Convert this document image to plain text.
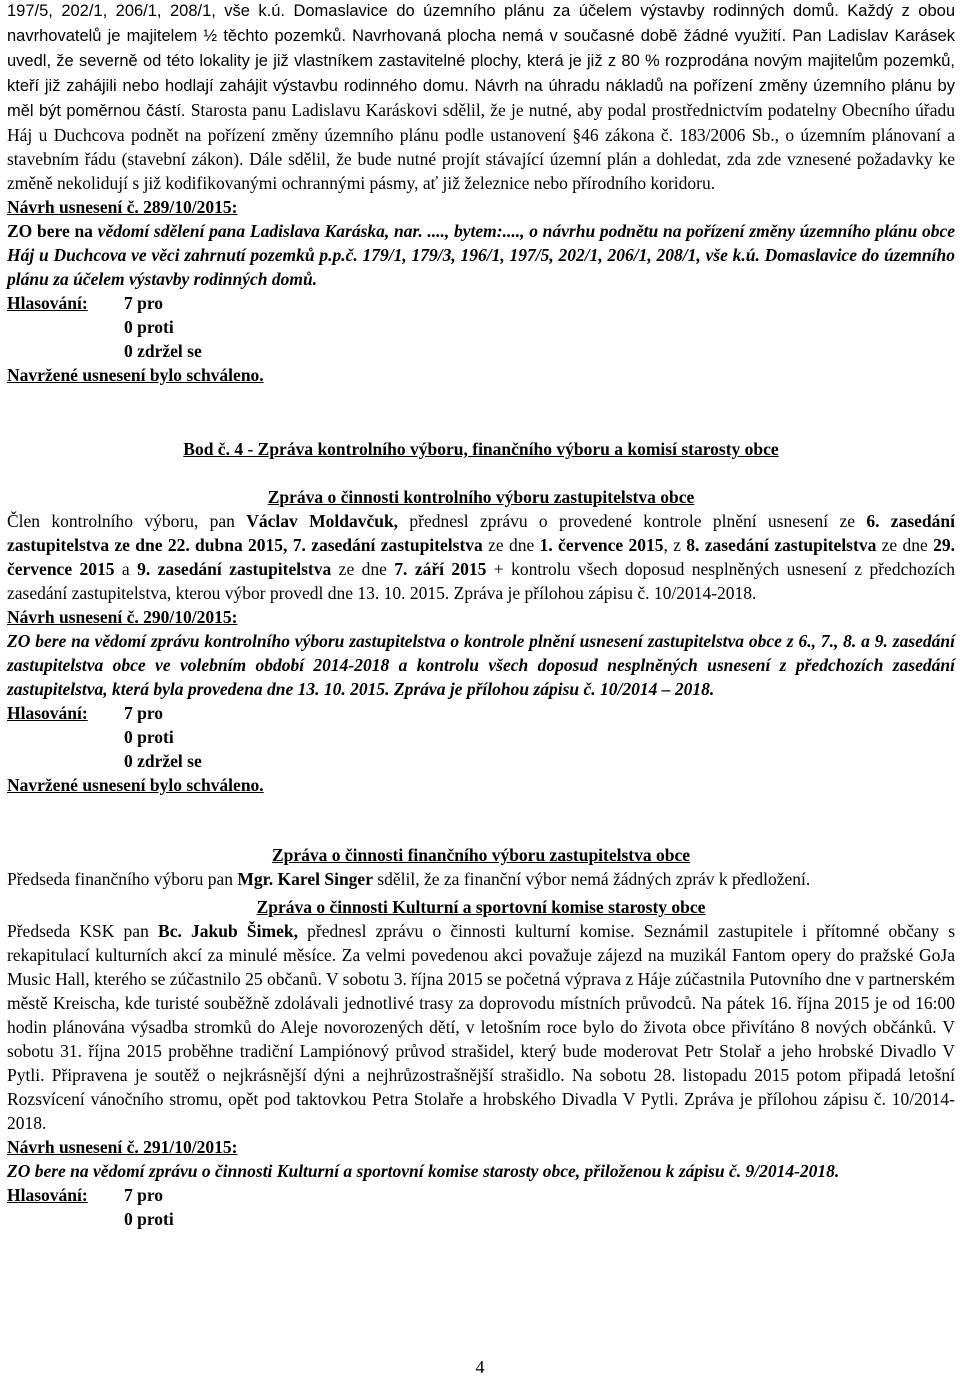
197/5, 202/1, 206/1, 208/1, vše k.ú. Domaslavice do územního plánu za účelem výstavby rodinných domů. Každý z obou navrhovatelů je majitelem ½ těchto pozemků. Navrhovaná plocha nemá v současné době žádné využití. Pan Ladislav Karásek uvedl, že severně od této lokality je již vlastníkem zastavitelné plochy, která je již z 80 % rozprodána novým majitelům pozemků, kteří již zahájili nebo hodlají zahájit výstavbu rodinného domu. Návrh na úhradu nákladů na pořízení změny územního plánu by měl být poměrnou částí. Starosta panu Ladislavu Karáskovi sdělil, že je nutné, aby podal prostřednictvím podatelny Obecního úřadu Háj u Duchcova podnět na pořízení změny územního plánu podle ustanovení §46 zákona č. 183/2006 Sb., o územním plánovaní a stavebním řádu (stavební zákon). Dále sdělil, že bude nutné projít stávající územní plán a dohledat, zda zde vznesené požadavky ke změně nekolidují s již kodifikovanými ochrannými pásmy, ať již železnice nebo přírodního koridoru.

Návrh usnesení č. 289/10/2015:

ZO bere na vědomí sdělení pana Ladislava Karáska, nar. ...., bytem:...., o návrhu podnětu na pořízení změny územního plánu obce Háj u Duchcova ve věci zahrnutí pozemků p.p.č. 179/1, 179/3, 196/1, 197/5, 202/1, 206/1, 208/1, vše k.ú. Domaslavice do územního plánu za účelem výstavby rodinných domů.

Hlasování: 7 pro
0 proti
0 zdržel se
Navržené usnesení bylo schváleno.

Bod č. 4 - Zpráva kontrolního výboru, finančního výboru a komisí starosty obce

Zpráva o činnosti kontrolního výboru zastupitelstva obce

Člen kontrolního výboru, pan Václav Moldavčuk, přednesl zprávu o provedené kontrole plnění usnesení ze 6. zasedání zastupitelstva ze dne 22. dubna 2015, 7. zasedání zastupitelstva ze dne 1. července 2015, z 8. zasedání zastupitelstva ze dne 29. července 2015 a 9. zasedání zastupitelstva ze dne 7. září 2015 + kontrolu všech doposud nesplněných usnesení z předchozích zasedání zastupitelstva, kterou výbor provedl dne 13. 10. 2015. Zpráva je přílohou zápisu č. 10/2014-2018.

Návrh usnesení č. 290/10/2015:

ZO bere na vědomí zprávu kontrolního výboru zastupitelstva o kontrole plnění usnesení zastupitelstva obce z 6., 7., 8. a 9. zasedání zastupitelstva obce ve volebním období 2014-2018 a kontrolu všech doposud nesplněných usnesení z předchozích zasedání zastupitelstva, která byla provedena dne 13. 10. 2015. Zpráva je přílohou zápisu č. 10/2014 – 2018.

Hlasování: 7 pro
0 proti
0 zdržel se
Navržené usnesení bylo schváleno.

Zpráva o činnosti finančního výboru zastupitelstva obce

Předseda finančního výboru pan Mgr. Karel Singer sdělil, že za finanční výbor nemá žádných zpráv k předložení.

Zpráva o činnosti Kulturní a sportovní komise starosty obce

Předseda KSK pan Bc. Jakub Šimek, přednesl zprávu o činnosti kulturní komise. Seznámil zastupitele i přítomné občany s rekapitulací kulturních akcí za minulé měsíce. Za velmi povedenou akci považuje zájezd na muzikál Fantom opery do pražské GoJa Music Hall, kterého se zúčastnilo 25 občanů. V sobotu 3. října 2015 se početná výprava z Háje zúčastnila Putovního dne v partnerském městě Kreischa, kde turisté souběžně zdolávali jednotlivé trasy za doprovodu místních průvodců. Na pátek 16. října 2015 je od 16:00 hodin plánována výsadba stromků do Aleje novorozených dětí, v letošním roce bylo do života obce přivítáno 8 nových občánků. V sobotu 31. října 2015 proběhne tradiční Lampiónový průvod strašidel, který bude moderovat Petr Stolař a jeho hrobské Divadlo V Pytli. Připravena je soutěž o nejkrásnější dýni a nejhrůzostrašnější strašidlo. Na sobotu 28. listopadu 2015 potom připadá letošní Rozsvícení vánočního stromu, opět pod taktovkou Petra Stolaře a hrobského Divadla V Pytli. Zpráva je přílohou zápisu č. 10/2014-2018.

Návrh usnesení č. 291/10/2015:

ZO bere na vědomí zprávu o činnosti Kulturní a sportovní komise starosty obce, přiloženou k zápisu č. 9/2014-2018.

Hlasování: 7 pro
0 proti
4
